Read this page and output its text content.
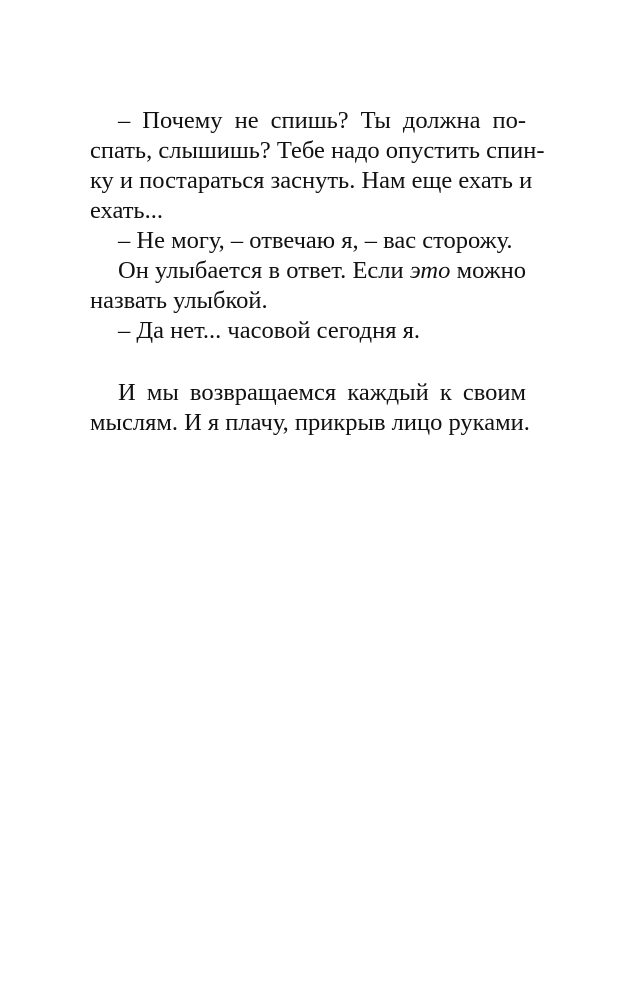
– Почему не спишь? Ты должна по-
спать, слышишь? Тебе надо опустить спин-
ку и постараться заснуть. Нам еще ехать и
ехать...
– Не могу, – отвечаю я, – вас сторожу.
Он улыбается в ответ. Если это можно
назвать улыбкой.
– Да нет... часовой сегодня я.
И мы возвращаемся каждый к своим
мыслям. И я плачу, прикрыв лицо руками.
